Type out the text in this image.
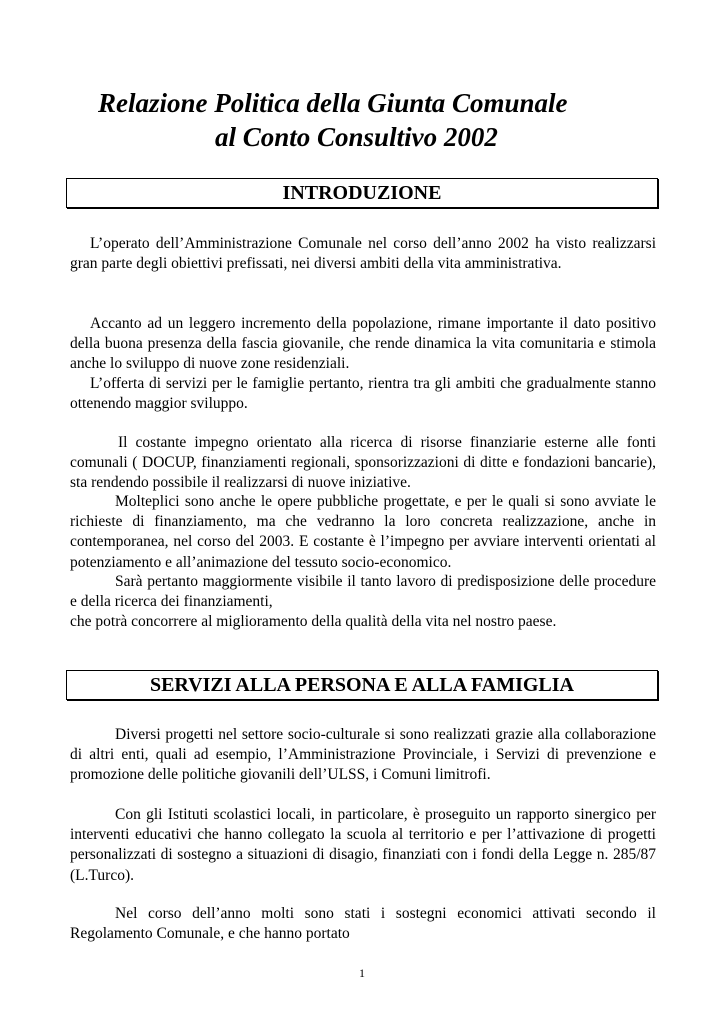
Relazione Politica della Giunta Comunale
al Conto Consultivo 2002
INTRODUZIONE

L’operato dell’Amministrazione Comunale nel corso dell’anno 2002 ha visto realizzarsi gran parte degli obiettivi prefissati, nei diversi ambiti della vita amministrativa.

Accanto ad un leggero incremento della popolazione, rimane importante il dato positivo della buona presenza della fascia giovanile, che rende dinamica la vita comunitaria e stimola anche lo sviluppo di nuove zone residenziali.

L’offerta di servizi per le famiglie pertanto, rientra tra gli ambiti che gradualmente stanno ottenendo maggior sviluppo.

Il costante impegno orientato alla ricerca di risorse finanziarie esterne alle fonti comunali ( DOCUP, finanziamenti regionali, sponsorizzazioni di ditte e fondazioni bancarie), sta rendendo possibile il realizzarsi di nuove iniziative.

Molteplici sono anche le opere pubbliche progettate, e per le quali si sono avviate le richieste di finanziamento, ma che vedranno la loro concreta realizzazione, anche in contemporanea, nel corso del 2003. E costante è l’impegno per avviare interventi orientati al potenziamento e all’animazione del tessuto socio-economico.

Sarà pertanto maggiormente visibile il tanto lavoro di predisposizione delle procedure e della ricerca dei finanziamenti,

che potrà concorrere al miglioramento della qualità della vita nel nostro paese.

SERVIZI ALLA PERSONA E ALLA FAMIGLIA

Diversi progetti nel settore socio-culturale si sono realizzati grazie alla collaborazione di altri enti, quali ad esempio, l’Amministrazione Provinciale, i Servizi di prevenzione e promozione delle politiche giovanili dell’ULSS, i Comuni limitrofi.

Con gli Istituti scolastici locali, in particolare, è proseguito un rapporto sinergico per interventi educativi che hanno collegato la scuola al territorio e per l’attivazione di progetti personalizzati di sostegno a situazioni di disagio, finanziati con i fondi della Legge n. 285/87 (L.Turco).

Nel corso dell’anno molti sono stati i sostegni economici attivati secondo il Regolamento Comunale, e che hanno portato

1
